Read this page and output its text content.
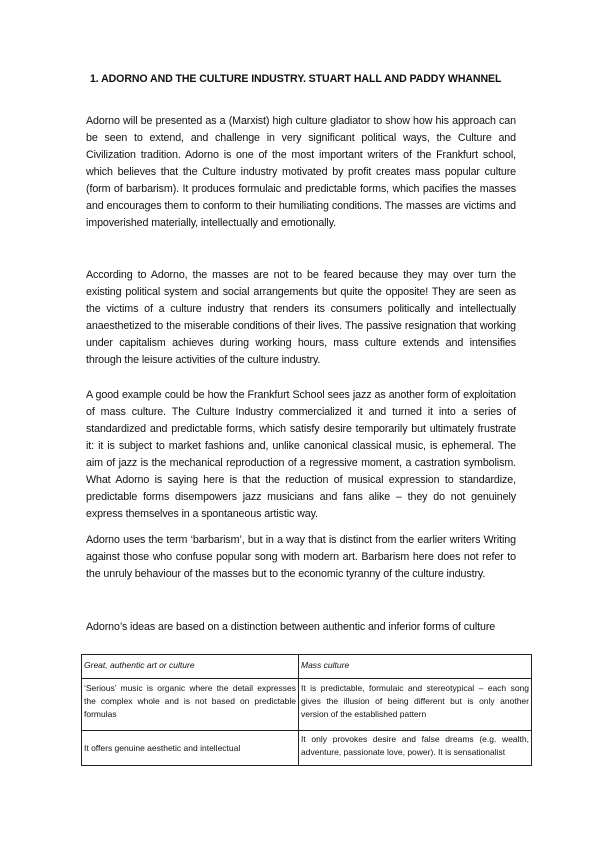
1. ADORNO AND THE CULTURE INDUSTRY. STUART HALL AND PADDY WHANNEL

Adorno will be presented as a (Marxist) high culture gladiator to show how his approach can be seen to extend, and challenge in very significant political ways, the Culture and Civilization tradition. Adorno is one of the most important writers of the Frankfurt school, which believes that the Culture industry motivated by profit creates mass popular culture (form of barbarism). It produces formulaic and predictable forms, which pacifies the masses and encourages them to conform to their humiliating conditions. The masses are victims and impoverished materially, intellectually and emotionally.

According to Adorno, the masses are not to be feared because they may over turn the existing political system and social arrangements but quite the opposite! They are seen as the victims of a culture industry that renders its consumers politically and intellectually anaesthetized to the miserable conditions of their lives. The passive resignation that working under capitalism achieves during working hours, mass culture extends and intensifies through the leisure activities of the culture industry.

A good example could be how the Frankfurt School sees jazz as another form of exploitation of mass culture. The Culture Industry commercialized it and turned it into a series of standardized and predictable forms, which satisfy desire temporarily but ultimately frustrate it: it is subject to market fashions and, unlike canonical classical music, is ephemeral. The aim of jazz is the mechanical reproduction of a regressive moment, a castration symbolism. What Adorno is saying here is that the reduction of musical expression to standardize, predictable forms disempowers jazz musicians and fans alike – they do not genuinely express themselves in a spontaneous artistic way.

Adorno uses the term ‘barbarism’, but in a way that is distinct from the earlier writers Writing against those who confuse popular song with modern art. Barbarism here does not refer to the unruly behaviour of the masses but to the economic tyranny of the culture industry.

Adorno’s ideas are based on a distinction between authentic and inferior forms of culture

Great, authentic art or culture	Mass culture
‘Serious’ music is organic where the detail expresses the complex whole and is not based on predictable formulas	It is predictable, formulaic and stereotypical – each song gives the illusion of being different but is only another version of the established pattern
It offers genuine aesthetic and intellectual	It only provokes desire and false dreams (e.g. wealth, adventure, passionate love, power). It is sensationalist
